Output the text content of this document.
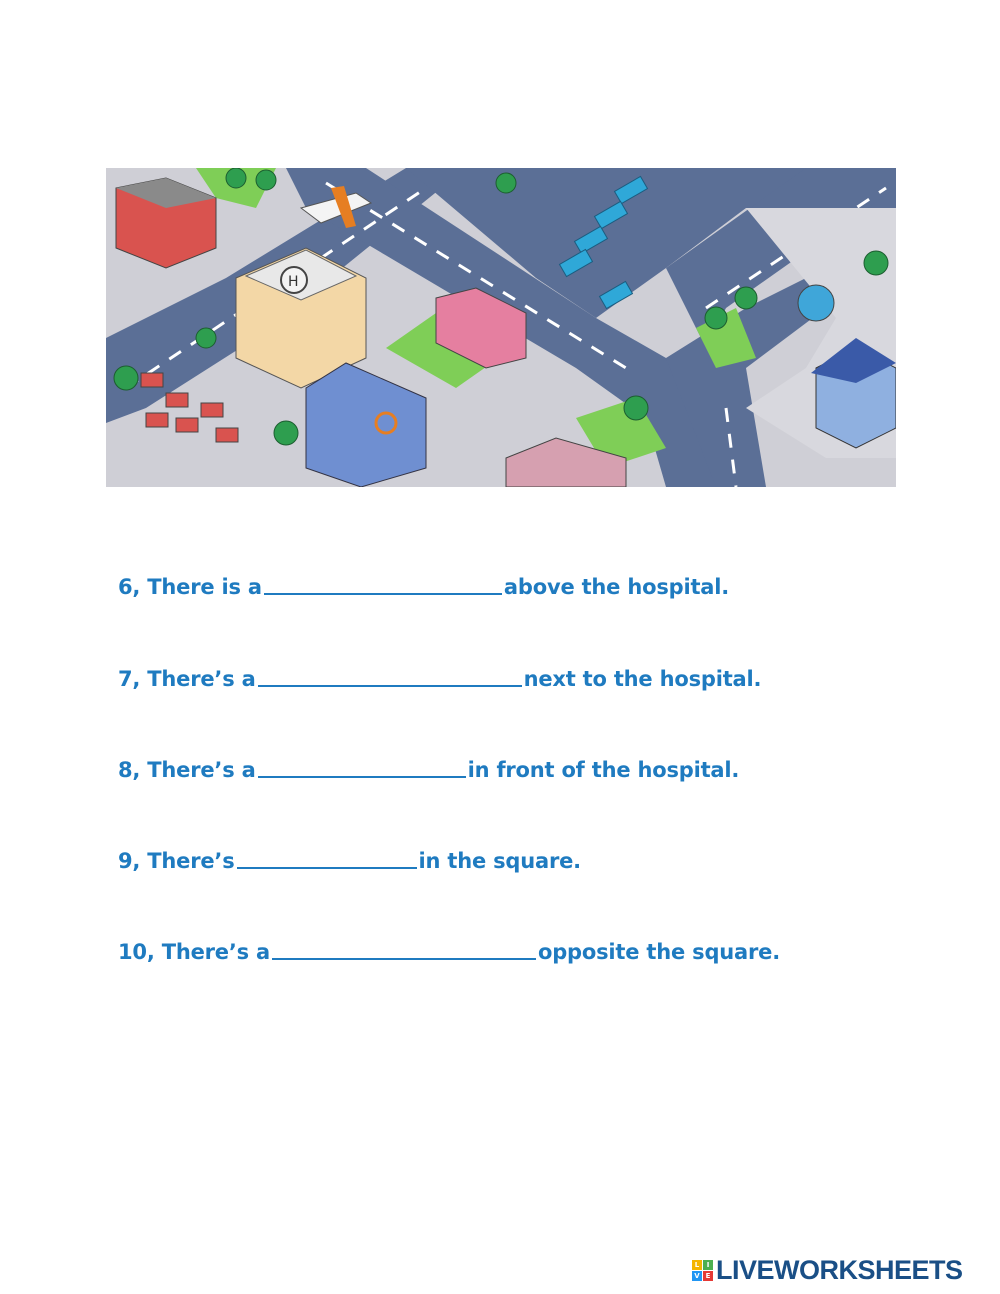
H
6, There is a	above the hospital.
7, There’s a	next to the hospital.
8, There’s a	in front of the hospital.
9, There’s	in the square.
10, There’s a	opposite the square.
L	I
V E LIVEWORKSHEETS
